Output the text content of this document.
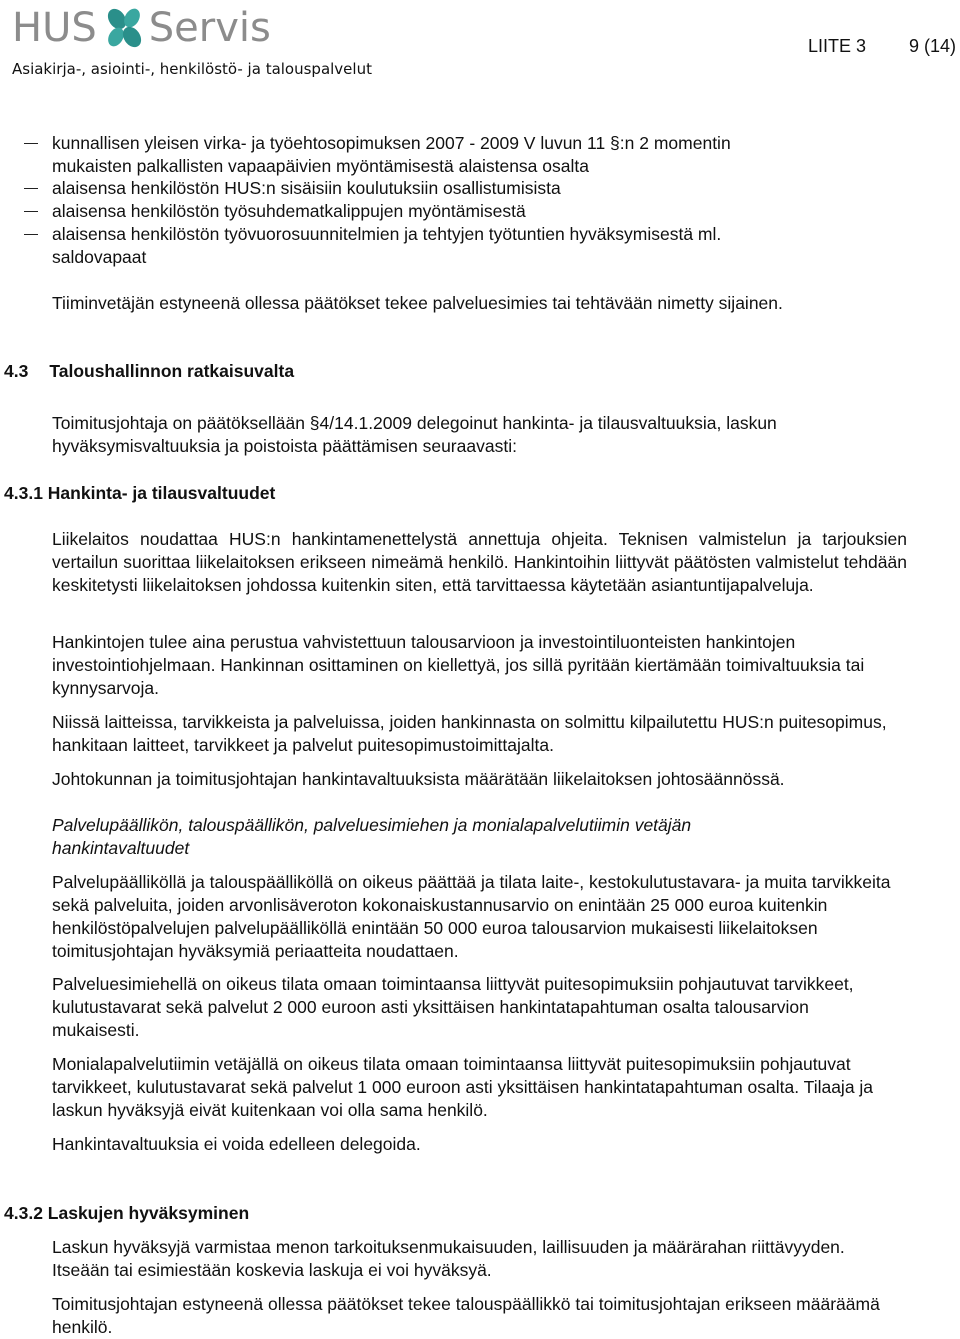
HUS Servis
Asiakirja-, asiointi-, henkilöstö- ja talouspalvelut
LIITE 3 9 (14)
kunnallisen yleisen virka- ja työehtosopimuksen 2007 - 2009 V luvun 11 §:n 2 momentin
mukaisten palkallisten vapaapäivien myöntämisestä alaistensa osalta
alaisensa henkilöstön HUS:n sisäisiin koulutuksiin osallistumisista
alaisensa henkilöstön työsuhdematkalippujen myöntämisestä
alaisensa henkilöstön työvuorosuunnitelmien ja tehtyjen työtuntien hyväksymisestä ml.
saldovapaat

Tiiminvetäjän estyneenä ollessa päätökset tekee palveluesimies tai tehtävään nimetty sijainen.

4.3 Taloushallinnon ratkaisuvalta

Toimitusjohtaja on päätöksellään §4/14.1.2009 delegoinut hankinta- ja tilausvaltuuksia, laskun hyväksymisvaltuuksia ja poistoista päättämisen seuraavasti:

4.3.1 Hankinta- ja tilausvaltuudet

Liikelaitos noudattaa HUS:n hankintamenettelystä annettuja ohjeita. Teknisen valmistelun ja tarjouksien vertailun suorittaa liikelaitoksen erikseen nimeämä henkilö. Hankintoihin liittyvät päätösten valmistelut tehdään keskitetysti liikelaitoksen johdossa kuitenkin siten, että tarvittaessa käytetään asiantuntijapalveluja.

Hankintojen tulee aina perustua vahvistettuun talousarvioon ja investointiluonteisten hankintojen investointiohjelmaan. Hankinnan osittaminen on kiellettyä, jos sillä pyritään kiertämään toimivaltuuksia tai kynnysarvoja.

Niissä laitteissa, tarvikkeista ja palveluissa, joiden hankinnasta on solmittu kilpailutettu HUS:n puitesopimus, hankitaan laitteet, tarvikkeet ja palvelut puitesopimustoimittajalta.

Johtokunnan ja toimitusjohtajan hankintavaltuuksista määrätään liikelaitoksen johtosäännössä.

Palvelupäällikön, talouspäällikön, palveluesimiehen ja monialapalvelutiimin vetäjän hankintavaltuudet

Palvelupäälliköllä ja talouspäälliköllä on oikeus päättää ja tilata laite-, kestokulutustavara- ja muita tarvikkeita sekä palveluita, joiden arvonlisäveroton kokonaiskustannusarvio on enintään 25 000 euroa kuitenkin henkilöstöpalvelujen palvelupäälliköllä enintään 50 000 euroa talousarvion mukaisesti liikelaitoksen toimitusjohtajan hyväksymiä periaatteita noudattaen.

Palveluesimiehellä on oikeus tilata omaan toimintaansa liittyvät puitesopimuksiin pohjautuvat tarvikkeet, kulutustavarat sekä palvelut 2 000 euroon asti yksittäisen hankintatapahtuman osalta talousarvion mukaisesti.

Monialapalvelutiimin vetäjällä on oikeus tilata omaan toimintaansa liittyvät puitesopimuksiin pohjautuvat tarvikkeet, kulutustavarat sekä palvelut 1 000 euroon asti yksittäisen hankintatapahtuman osalta. Tilaaja ja laskun hyväksyjä eivät kuitenkaan voi olla sama henkilö.

Hankintavaltuuksia ei voida edelleen delegoida.

4.3.2 Laskujen hyväksyminen

Laskun hyväksyjä varmistaa menon tarkoituksenmukaisuuden, laillisuuden ja määrärahan riittävyyden. Itseään tai esimiestään koskevia laskuja ei voi hyväksyä.

Toimitusjohtajan estyneenä ollessa päätökset tekee talouspäällikkö tai toimitusjohtajan erikseen määräämä henkilö.
